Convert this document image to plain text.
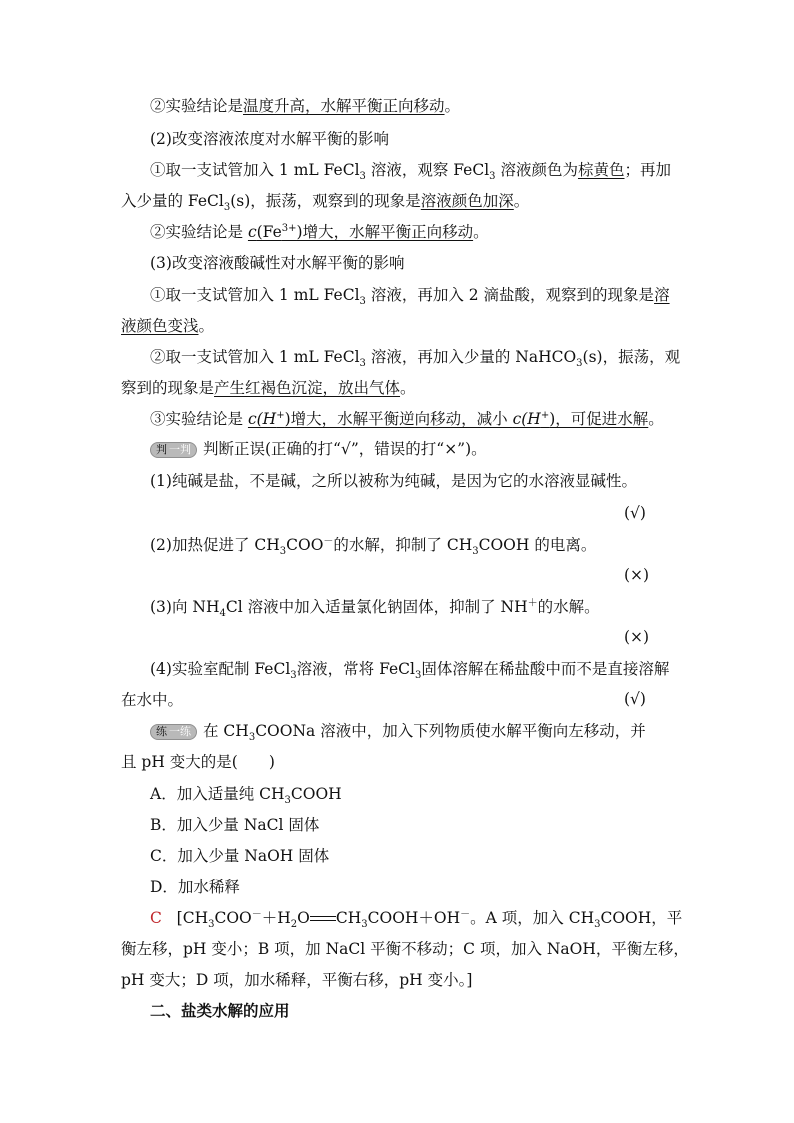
②实验结论是温度升高，水解平衡正向移动。
(2)改变溶液浓度对水解平衡的影响
①取一支试管加入 1 mL FeCl$_3$ 溶液，观察 FeCl$_3$ 溶液颜色为棕黄色；再加
入少量的 FeCl$_3$(s)，振荡，观察到的现象是溶液颜色加深。
②实验结论是 $c(Fe^{3+})$增大，水解平衡正向移动。
(3)改变溶液酸碱性对水解平衡的影响
①取一支试管加入 1 mL FeCl$_3$ 溶液，再加入 2 滴盐酸，观察到的现象是溶
液颜色变浅。
②取一支试管加入 1 mL FeCl$_3$ 溶液，再加入少量的 NaHCO$_3$(s)，振荡，观
察到的现象是产生红褐色沉淀，放出气体。
③实验结论是 c(H+)增大，水解平衡逆向移动，减小 c(H+)，可促进水解。
判 一判 判断正误(正确的打“√”，错误的打“×”)。
(1)纯碱是盐，不是碱，之所以被称为纯碱，是因为它的水溶液显碱性。
(√)
(2)加热促进了 $CH_3COO^-$的水解，抑制了 $CH_3COOH$ 的电离。
(×)
(3)向 $NH_4Cl$ 溶液中加入适量氯化钠固体，抑制了 NH＋的水解。
(×)
(4)实验室配制 FeCl$_3$溶液，常将 FeCl$_3$固体溶解在稀盐酸中而不是直接溶解
在水中。	(√)
练 一练 在 $CH_3COONa$ 溶液中，加入下列物质使水解平衡向左移动，并
且 pH 变大的是(　　)
A．加入适量纯 $CH_3COOH$
B．加入少量 NaCl 固体
C．加入少量 NaOH 固体
D．加水稀释
C [$CH_3COO^-+H_2O$ $CH_3COOH+OH^-$。A 项，加入 $CH_3COOH$，平
衡左移，pH 变小；B 项，加 NaCl 平衡不移动；C 项，加入 NaOH，平衡左移，
pH 变大；D 项，加水稀释，平衡右移，pH 变小。]
二、盐类水解的应用
